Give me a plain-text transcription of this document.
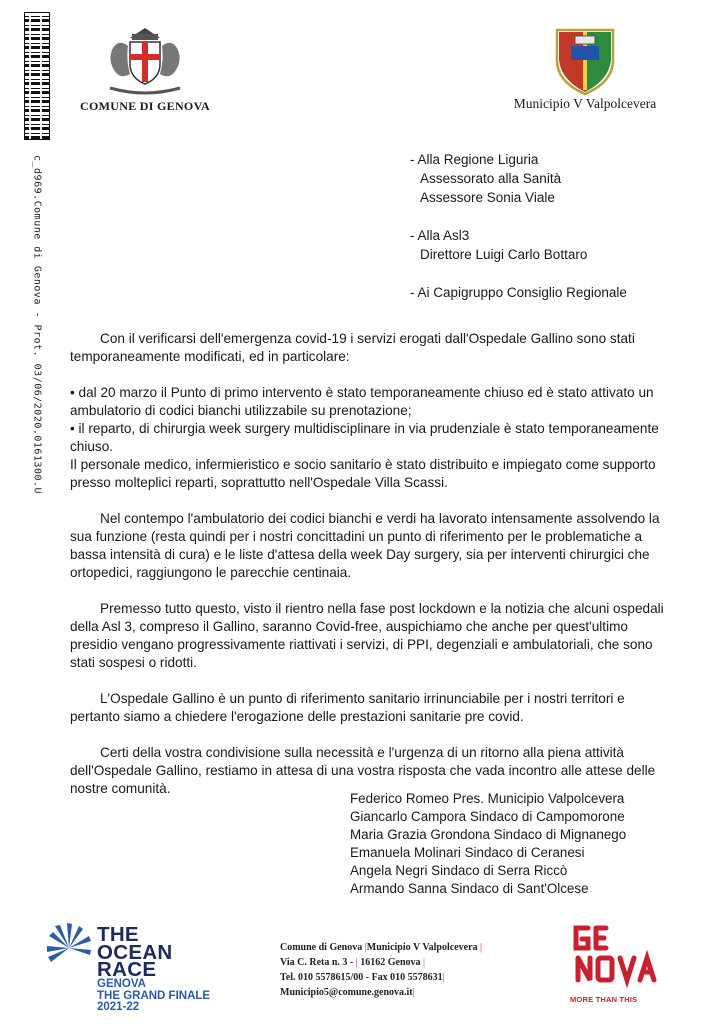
c_d969.Comune di Genova - Prot. 03/06/2020.0161300.U
COMUNE DI GENOVA	Municipio V Valpolcevera
- Alla Regione Liguria
Assessorato alla Sanità
Assessore Sonia Viale
- Alla Asl3
Direttore Luigi Carlo Bottaro
- Ai Capigruppo Consiglio Regionale

Con il verificarsi dell'emergenza covid-19 i servizi erogati dall'Ospedale Gallino sono stati temporaneamente modificati, ed in particolare:

• dal 20 marzo il Punto di primo intervento è stato temporaneamente chiuso ed è stato attivato un ambulatorio di codici bianchi utilizzabile su prenotazione;

• il reparto, di chirurgia week surgery multidisciplinare in via prudenziale è stato temporaneamente chiuso.

Il personale medico, infermieristico e socio sanitario è stato distribuito e impiegato come supporto presso molteplici reparti, soprattutto nell'Ospedale Villa Scassi.

Nel contempo l'ambulatorio dei codici bianchi e verdi ha lavorato intensamente assolvendo la sua funzione (resta quindi per i nostri concittadini un punto di riferimento per le problematiche a bassa intensità di cura) e le liste d'attesa della week Day surgery, sia per interventi chirurgici che ortopedici, raggiungono le parecchie centinaia.

Premesso tutto questo, visto il rientro nella fase post lockdown e la notizia che alcuni ospedali della Asl 3, compreso il Gallino, saranno Covid-free, auspichiamo che anche per quest'ultimo presidio vengano progressivamente riattivati i servizi, di PPI, degenziali e ambulatoriali, che sono stati sospesi o ridotti.

L'Ospedale Gallino è un punto di riferimento sanitario irrinunciabile per i nostri territori e pertanto siamo a chiedere l'erogazione delle prestazioni sanitarie pre covid.

Certi della vostra condivisione sulla necessità e l'urgenza di un ritorno alla piena attività dell'Ospedale Gallino, restiamo in attesa di una vostra risposta che vada incontro alle attese delle nostre comunità.

Federico Romeo Pres. Municipio Valpolcevera
Giancarlo Campora Sindaco di Campomorone
Maria Grazia Grondona Sindaco di Mignanego
Emanuela Molinari Sindaco di Ceranesi
Angela Negri Sindaco di Serra Riccò
Armando Sanna Sindaco di Sant'Olcese
THE
OCEAN
RACE
GENOVA
THE GRAND FINALE
2021-22
Comune di Genova |Municipio V Valpolcevera |
Via C. Reta n. 3 - | 16162 Genova |
Tel. 010 5578615/00 - Fax 010 5578631|
Municipio5@comune.genova.it|
MORE THAN THIS
